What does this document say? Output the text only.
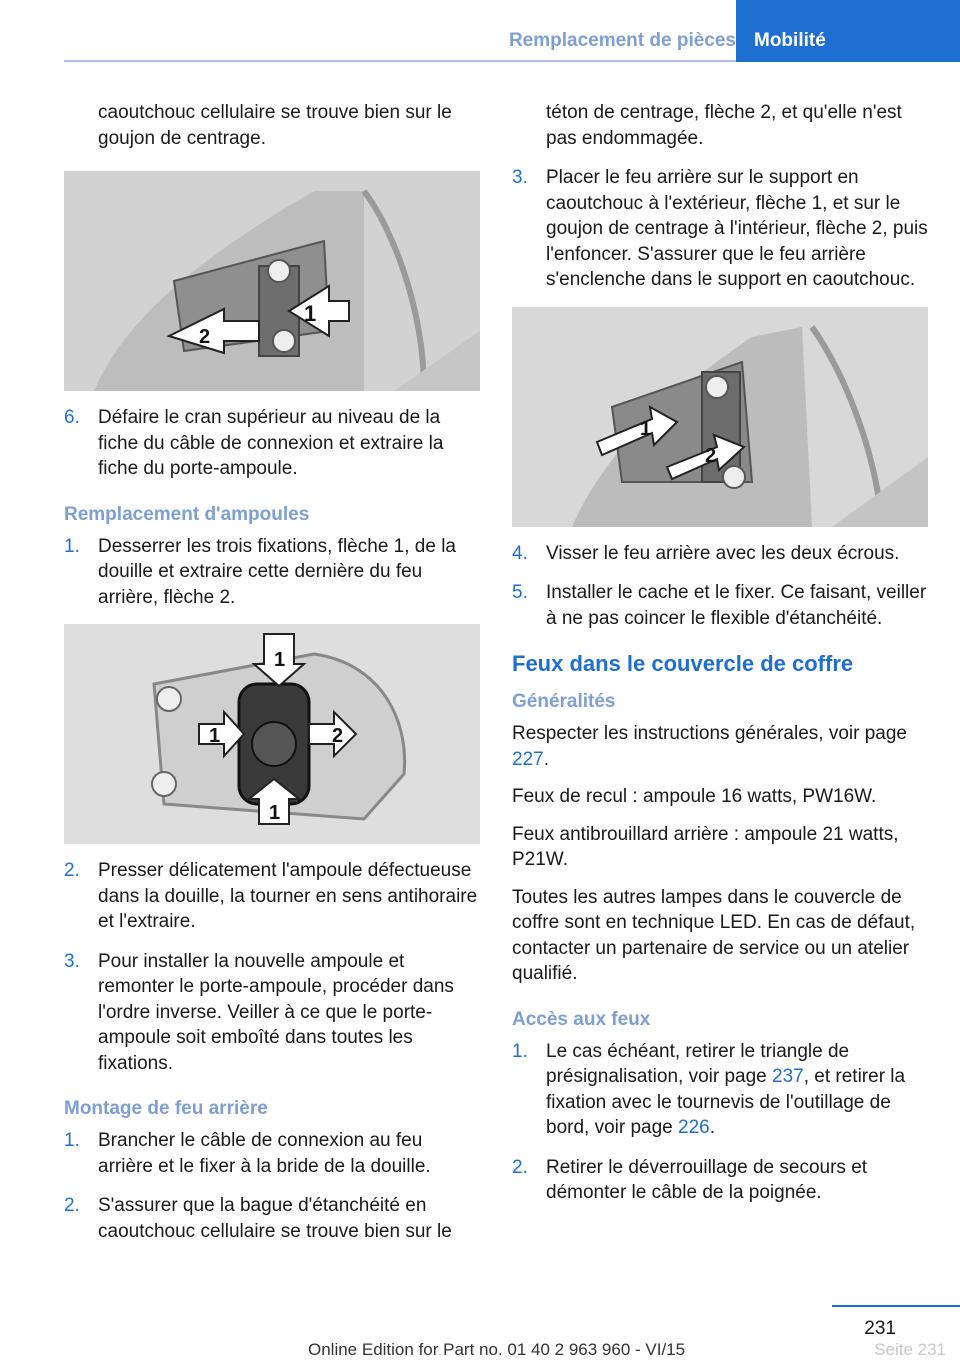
Remplacement de pièces Mobilité

caoutchouc cellulaire se trouve bien sur le goujon de centrage.

1
2
6. Défaire le cran supérieur au niveau de la fiche du câble de connexion et extraire la fiche du porte-ampoule.
Remplacement d'ampoules
1. Desserrer les trois fixations, flèche 1, de la douille et extraire cette dernière du feu arrière, flèche 2.
1
1
1
2
2. Presser délicatement l'ampoule défectueuse dans la douille, la tourner en sens antihoraire et l'extraire.
3. Pour installer la nouvelle ampoule et remonter le porte-ampoule, procéder dans l'ordre inverse. Veiller à ce que le porte-ampoule soit emboîté dans toutes les fixations.
Montage de feu arrière
1. Brancher le câble de connexion au feu arrière et le fixer à la bride de la douille.
2. S'assurer que la bague d'étanchéité en caoutchouc cellulaire se trouve bien sur le

téton de centrage, flèche 2, et qu'elle n'est pas endommagée.

3. Placer le feu arrière sur le support en caoutchouc à l'extérieur, flèche 1, et sur le goujon de centrage à l'intérieur, flèche 2, puis l'enfoncer. S'assurer que le feu arrière s'enclenche dans le support en caoutchouc.
1
2
4. Visser le feu arrière avec les deux écrous.
5. Installer le cache et le fixer. Ce faisant, veiller à ne pas coincer le flexible d'étanchéité.
Feux dans le couvercle de coffre
Généralités

Respecter les instructions générales, voir page 227.

Feux de recul : ampoule 16 watts, PW16W.

Feux antibrouillard arrière : ampoule 21 watts, P21W.

Toutes les autres lampes dans le couvercle de coffre sont en technique LED. En cas de défaut, contacter un partenaire de service ou un atelier qualifié.

Accès aux feux
1. Le cas échéant, retirer le triangle de présignalisation, voir page 237, et retirer la fixation avec le tournevis de l'outillage de bord, voir page 226.
2. Retirer le déverrouillage de secours et démonter le câble de la poignée.
231
Online Edition for Part no. 01 40 2 963 960 - VI/15	Seite 231
